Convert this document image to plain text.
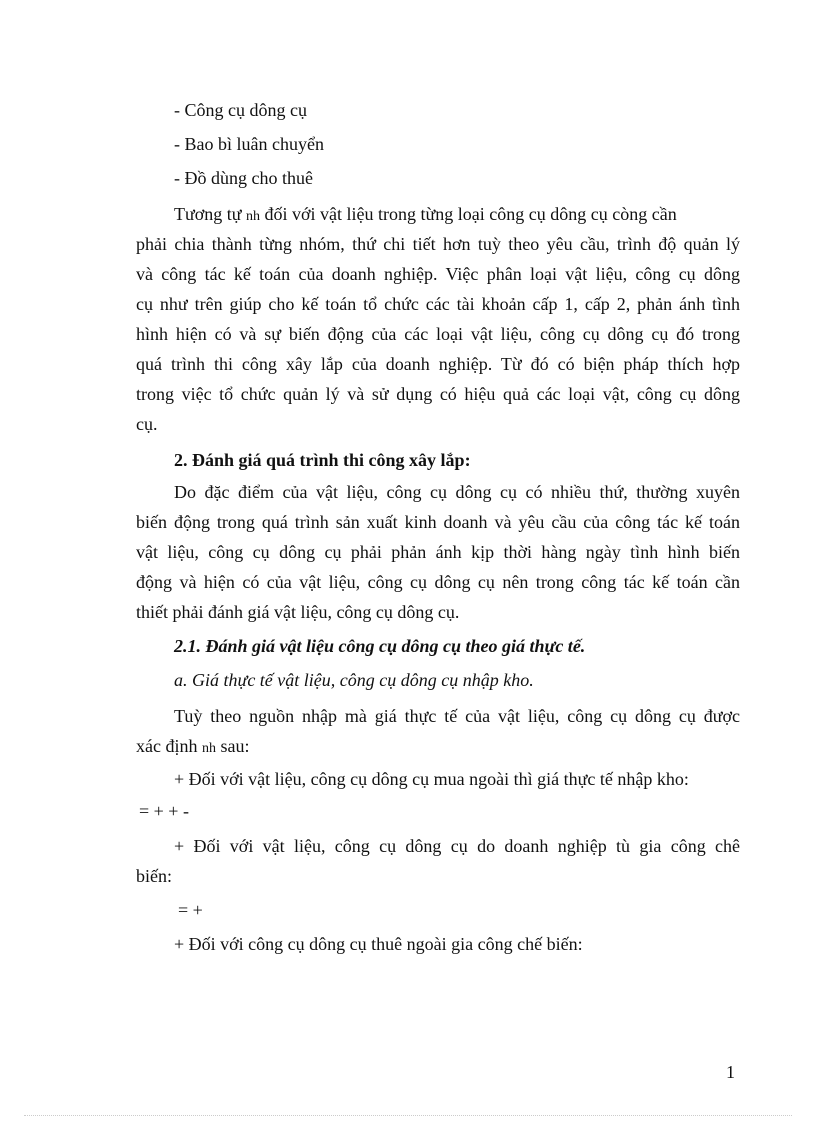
- Công cụ dông cụ
- Bao bì luân chuyển
- Đồ dùng cho thuê
Tương tự nh đối với vật liệu trong từng loại công cụ dông cụ còng cần
phải chia thành từng nhóm, thứ chi tiết hơn tuỳ theo yêu cầu, trình độ quản lý
và công tác kế toán của doanh nghiệp. Việc phân loại vật liệu, công cụ dông
cụ như trên giúp cho kế toán tổ chức các tài khoản cấp 1, cấp 2, phản ánh tình
hình hiện có và sự biến động của các loại vật liệu, công cụ dông cụ đó trong
quá trình thi công xây lắp của doanh nghiệp. Từ đó có biện pháp thích hợp
trong việc tổ chức quản lý và sử dụng có hiệu quả các loại vật, công cụ dông
cụ.
2. Đánh giá quá trình thi công xây lắp:
Do đặc điểm của vật liệu, công cụ dông cụ có nhiều thứ, thường xuyên
biến động trong quá trình sản xuất kinh doanh và yêu cầu của công tác kế toán
vật liệu, công cụ dông cụ phải phản ánh kịp thời hàng ngày tình hình biến
động và hiện có của vật liệu, công cụ dông cụ nên trong công tác kế toán cần
thiết phải đánh giá vật liệu, công cụ dông cụ.
2.1. Đánh giá vật liệu công cụ dông cụ theo giá thực tế.
a. Giá thực tế vật liệu, công cụ dông cụ nhập kho.
Tuỳ theo nguồn nhập mà giá thực tế của vật liệu, công cụ dông cụ được
xác định nh sau:
+ Đối với vật liệu, công cụ dông cụ mua ngoài thì giá thực tế nhập kho:
= + + -
+ Đối với vật liệu, công cụ dông cụ do doanh nghiệp tù gia công chê
biến:
= +
+ Đối với công cụ dông cụ thuê ngoài gia công chế biến:
1
